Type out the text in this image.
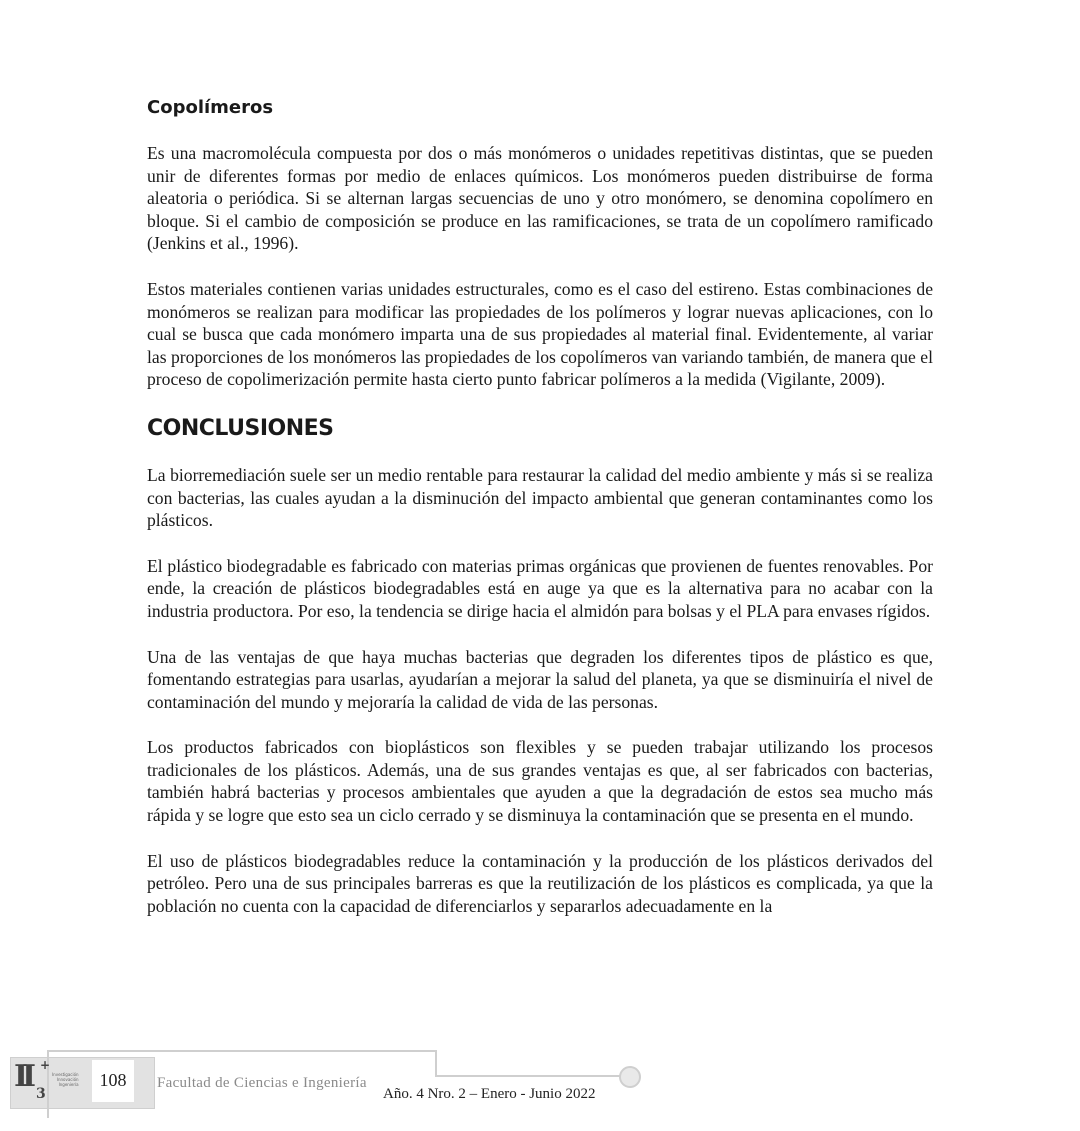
Copolímeros

Es una macromolécula compuesta por dos o más monómeros o unidades repetitivas distintas, que se pueden unir de diferentes formas por medio de enlaces químicos. Los monómeros pueden distribuirse de forma aleatoria o periódica. Si se alternan largas secuencias de uno y otro monómero, se denomina copolímero en bloque. Si el cambio de composición se produce en las ramificaciones, se trata de un copolímero ramificado (Jenkins et al., 1996).

Estos materiales contienen varias unidades estructurales, como es el caso del estireno. Estas combinaciones de monómeros se realizan para modificar las propiedades de los polímeros y lograr nuevas aplicaciones, con lo cual se busca que cada monómero imparta una de sus propiedades al material final. Evidentemente, al variar las proporciones de los monómeros las propiedades de los copolímeros van variando también, de manera que el proceso de copolimerización permite hasta cierto punto fabricar polímeros a la medida (Vigilante, 2009).

CONCLUSIONES

La biorremediación suele ser un medio rentable para restaurar la calidad del medio ambiente y más si se realiza con bacterias, las cuales ayudan a la disminución del impacto ambiental que generan contaminantes como los plásticos.

El plástico biodegradable es fabricado con materias primas orgánicas que provienen de fuentes renovables. Por ende, la creación de plásticos biodegradables está en auge ya que es la alternativa para no acabar con la industria productora. Por eso, la tendencia se dirige hacia el almidón para bolsas y el PLA para envases rígidos.

Una de las ventajas de que haya muchas bacterias que degraden los diferentes tipos de plástico es que, fomentando estrategias para usarlas, ayudarían a mejorar la salud del planeta, ya que se disminuiría el nivel de contaminación del mundo y mejoraría la calidad de vida de las personas.

Los productos fabricados con bioplásticos son flexibles y se pueden trabajar utilizando los procesos tradicionales de los plásticos. Además, una de sus grandes ventajas es que, al ser fabricados con bacterias, también habrá bacterias y procesos ambientales que ayuden a que la degradación de estos sea mucho más rápida y se logre que esto sea un ciclo cerrado y se disminuya la contaminación que se presenta en el mundo.

El uso de plásticos biodegradables reduce la contaminación y la producción de los plásticos derivados del petróleo. Pero una de sus principales barreras es que la reutilización de los plásticos es complicada, ya que la población no cuenta con la capacidad de diferenciarlos y separarlos adecuadamente en la

II +
3
Investigación
Innovación
Ingeniería	108	Facultad de Ciencias e Ingeniería
Año. 4 Nro. 2 – Enero - Junio 2022
